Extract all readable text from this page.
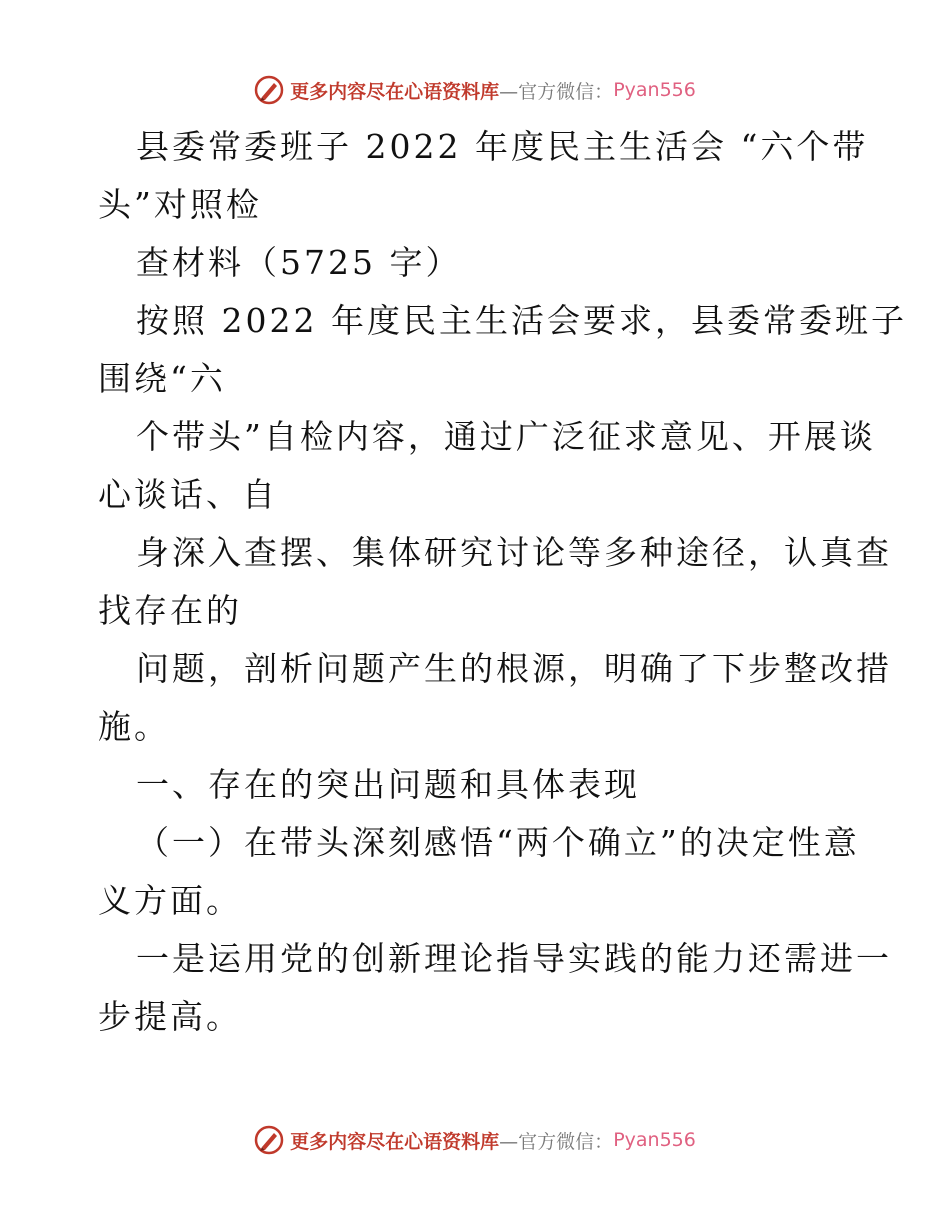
更多内容尽在心语资料库 —官方微信： Pyan556
县委常委班子 2022 年度民主生活会 “六个带
头”对照检
查材料（5725 字）
按照 2022 年度民主生活会要求，县委常委班子
围绕“六
个带头”自检内容，通过广泛征求意见、开展谈
心谈话、自
身深入查摆、集体研究讨论等多种途径，认真查
找存在的
问题，剖析问题产生的根源，明确了下步整改措
施。
一、存在的突出问题和具体表现
（一）在带头深刻感悟“两个确立”的决定性意
义方面。
一是运用党的创新理论指导实践的能力还需进一
步提高。
更多内容尽在心语资料库 —官方微信： Pyan556
